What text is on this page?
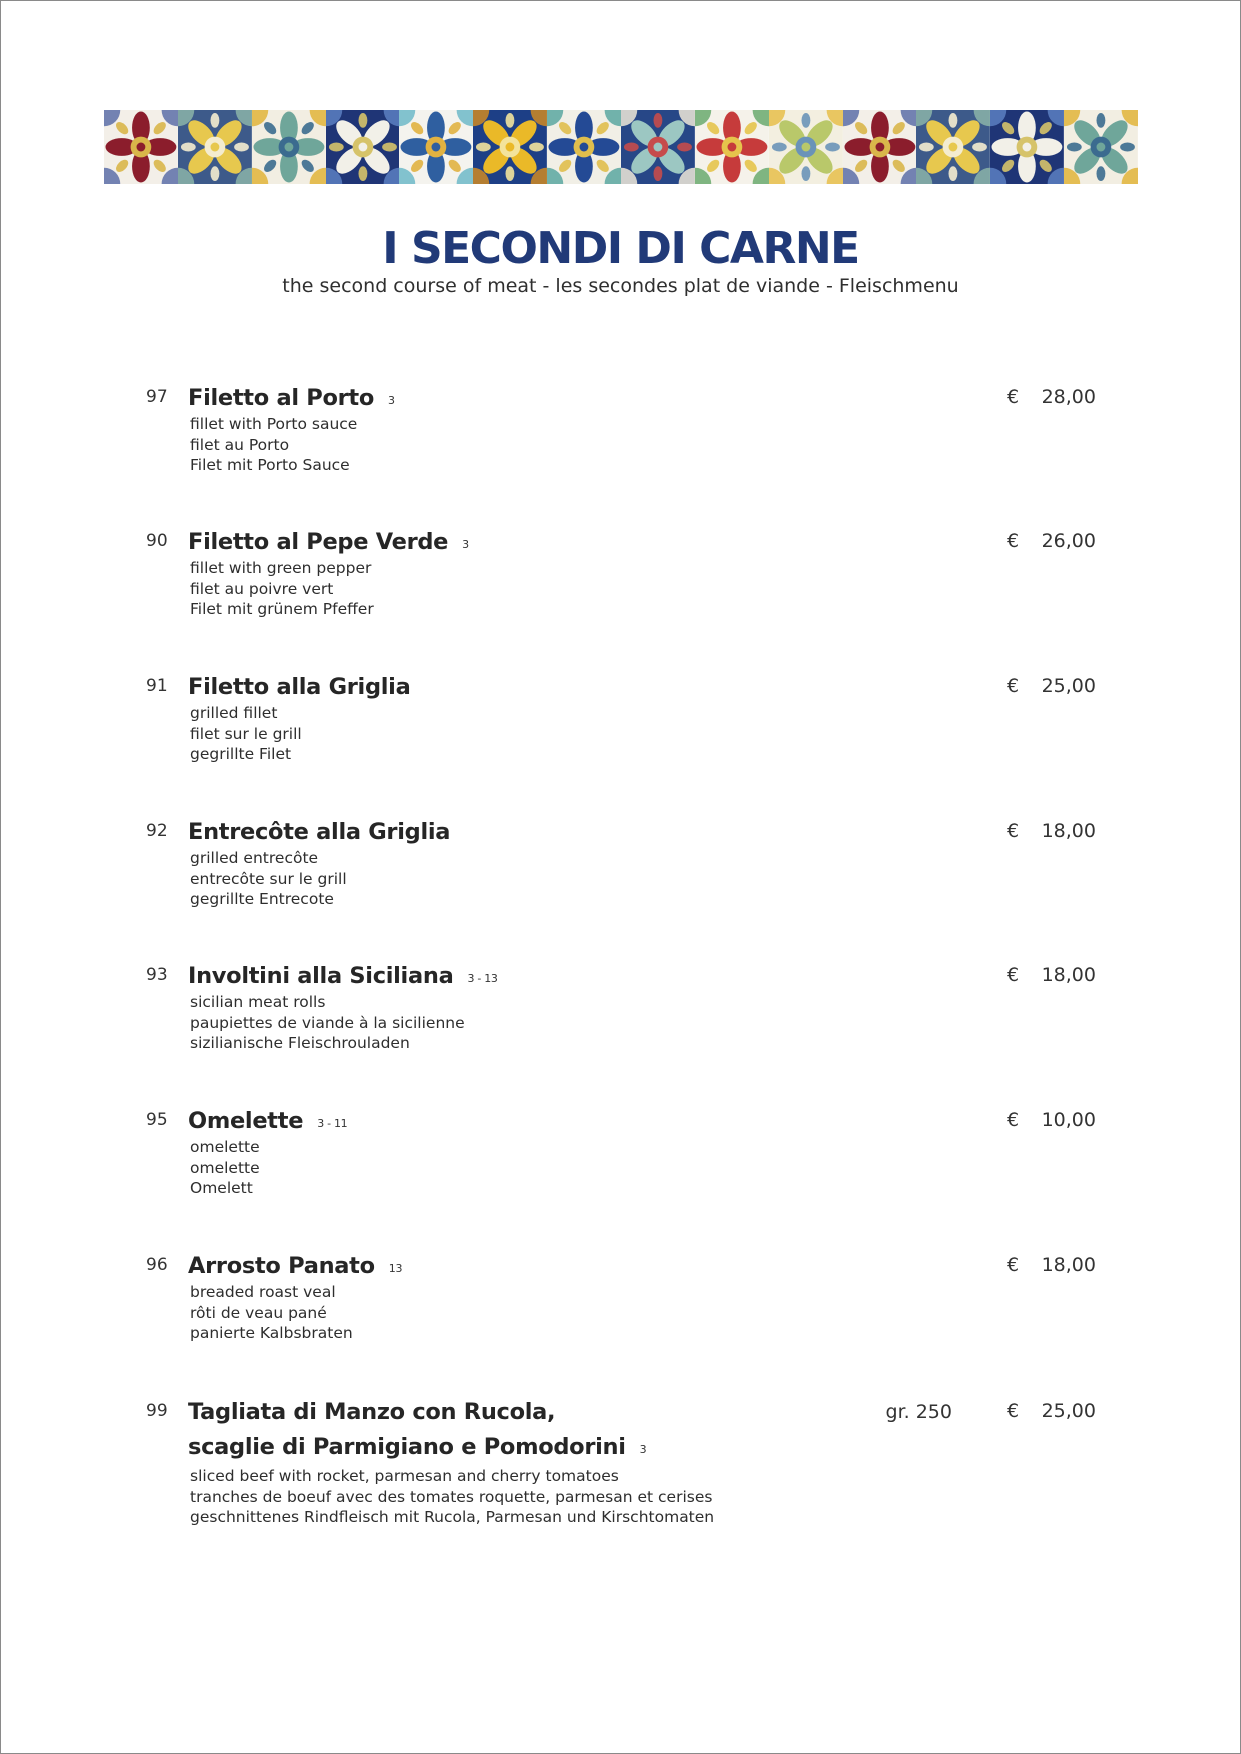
I SECONDI DI CARNE
the second course of meat - les secondes plat de viande - Fleischmenu
97 Filetto al Porto 3	€ 28,00
fillet with Porto sauce
filet au Porto
Filet mit Porto Sauce
90 Filetto al Pepe Verde 3	€ 26,00
fillet with green pepper
filet au poivre vert
Filet mit grünem Pfeffer
91 Filetto alla Griglia	€ 25,00
grilled fillet
filet sur le grill
gegrillte Filet
92 Entrecôte alla Griglia	€ 18,00
grilled entrecôte
entrecôte sur le grill
gegrillte Entrecote
93 Involtini alla Siciliana 3 - 13	€ 18,00
sicilian meat rolls
paupiettes de viande à la sicilienne
sizilianische Fleischrouladen
95 Omelette 3 - 11	€ 10,00
omelette
omelette
Omelett
96 Arrosto Panato 13	€ 18,00
breaded roast veal
rôti de veau pané
panierte Kalbsbraten
99 Tagliata di Manzo con Rucola,
scaglie di Parmigiano e Pomodorini 3
gr. 250	€ 25,00
sliced beef with rocket, parmesan and cherry tomatoes
tranches de boeuf avec des tomates roquette, parmesan et cerises
geschnittenes Rindfleisch mit Rucola, Parmesan und Kirschtomaten
